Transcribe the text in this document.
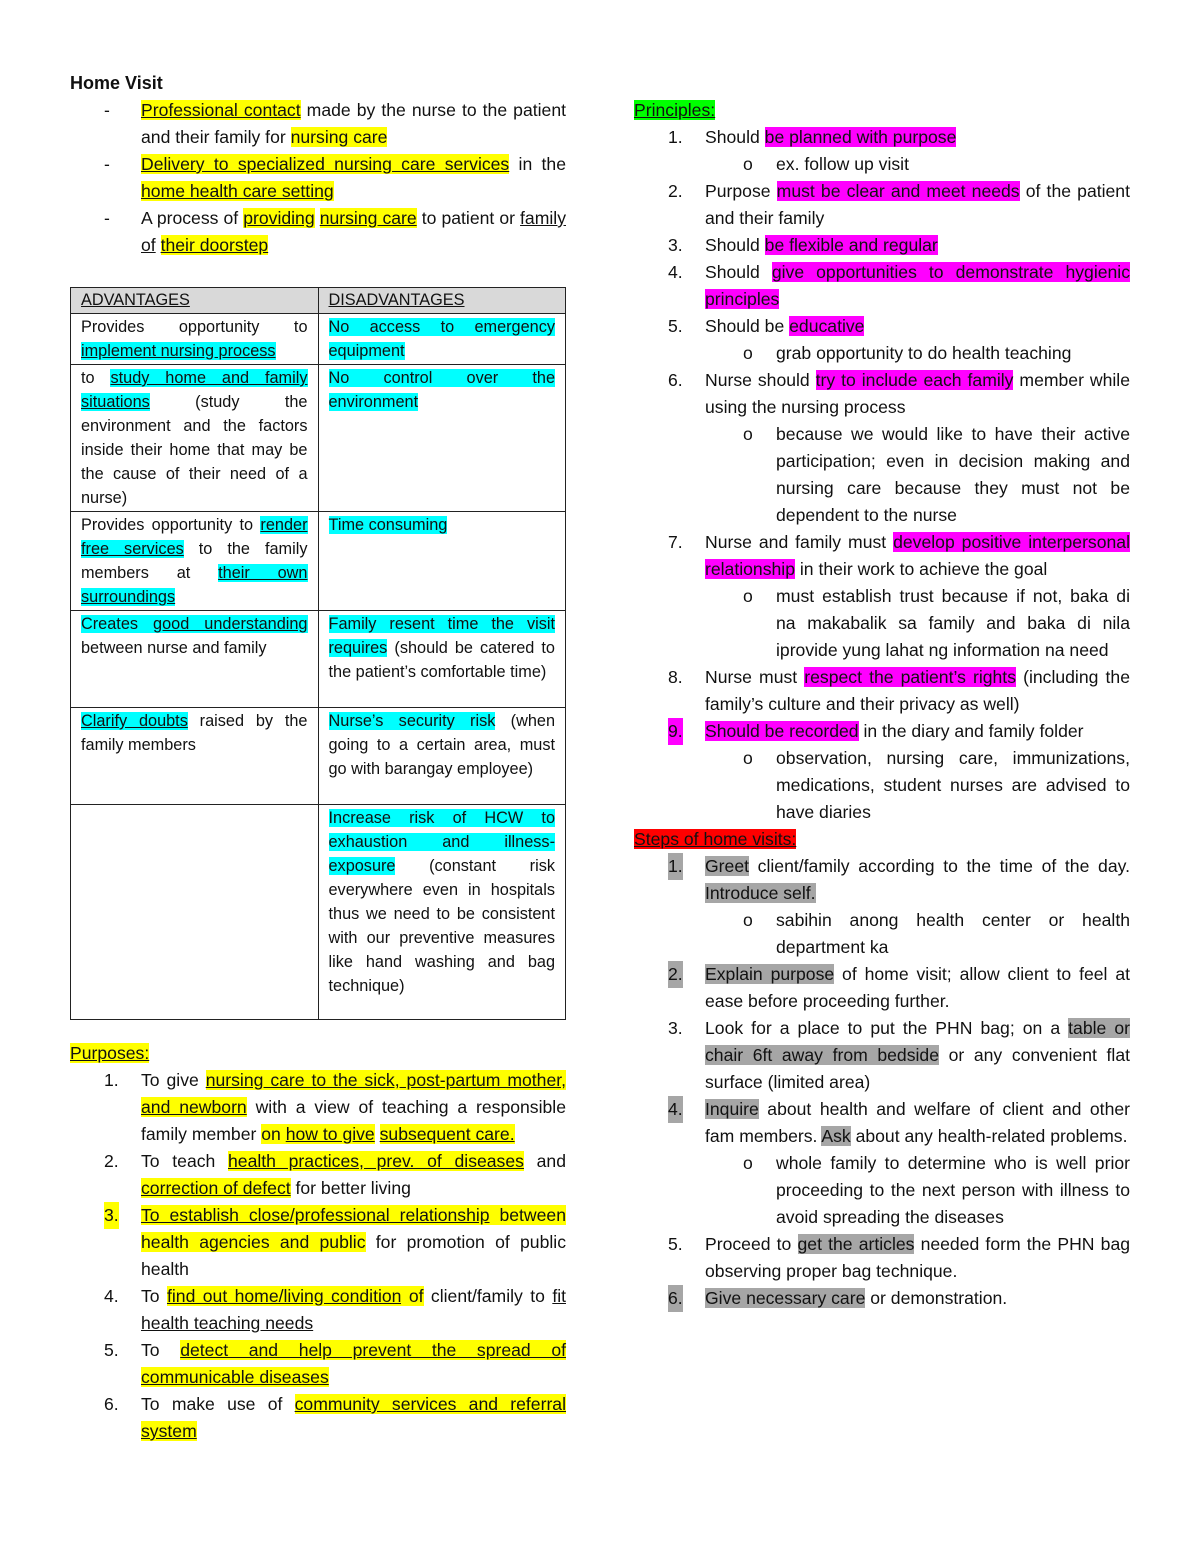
Home Visit
- Professional contact made by the nurse to the patient and their family for nursing care
- Delivery to specialized nursing care services in the home health care setting
- A process of providing nursing care to patient or family of their doorstep
ADVANTAGES	DISADVANTAGES
Provides opportunity to implement nursing process	No access to emergency equipment
to study home and family situations (study the environment and the factors inside their home that may be the cause of their need of a nurse)	No control over the environment
Provides opportunity to render free services to the family members at their own surroundings	Time consuming
Creates good understanding between nurse and family	Family resent time the visit requires (should be catered to the patient’s comfortable time)
Clarify doubts raised by the family members	Nurse’s security risk (when going to a certain area, must go with barangay employee)
	Increase risk of HCW to exhaustion and illness-exposure (constant risk everywhere even in hospitals thus we need to be consistent with our preventive measures like hand washing and bag technique)
Purposes:
1. To give nursing care to the sick, post-partum mother, and newborn with a view of teaching a responsible family member on how to give subsequent care.
2. To teach health practices, prev. of diseases and correction of defect for better living
3. To establish close/professional relationship between health agencies and public for promotion of public health
4. To find out home/living condition of client/family to fit health teaching needs
5. To detect and help prevent the spread of communicable diseases
6. To make use of community services and referral system
Principles:
1. Should be planned with purpose
o ex. follow up visit
2. Purpose must be clear and meet needs of the patient and their family
3. Should be flexible and regular
4. Should give opportunities to demonstrate hygienic principles
5. Should be educative
o grab opportunity to do health teaching
6. Nurse should try to include each family member while using the nursing process
o because we would like to have their active participation; even in decision making and nursing care because they must not be dependent to the nurse
7. Nurse and family must develop positive interpersonal relationship in their work to achieve the goal
o must establish trust because if not, baka di na makabalik sa family and baka di nila iprovide yung lahat ng information na need
8. Nurse must respect the patient’s rights (including the family’s culture and their privacy as well)
9. Should be recorded in the diary and family folder
o observation, nursing care, immunizations, medications, student nurses are advised to have diaries
Steps of home visits:
1. Greet client/family according to the time of the day. Introduce self.
o sabihin anong health center or health department ka
2. Explain purpose of home visit; allow client to feel at ease before proceeding further.
3. Look for a place to put the PHN bag; on a table or chair 6ft away from bedside or any convenient flat surface (limited area)
4. Inquire about health and welfare of client and other fam members. Ask about any health-related problems.
o whole family to determine who is well prior proceeding to the next person with illness to avoid spreading the diseases
5. Proceed to get the articles needed form the PHN bag observing proper bag technique.
6. Give necessary care or demonstration.
